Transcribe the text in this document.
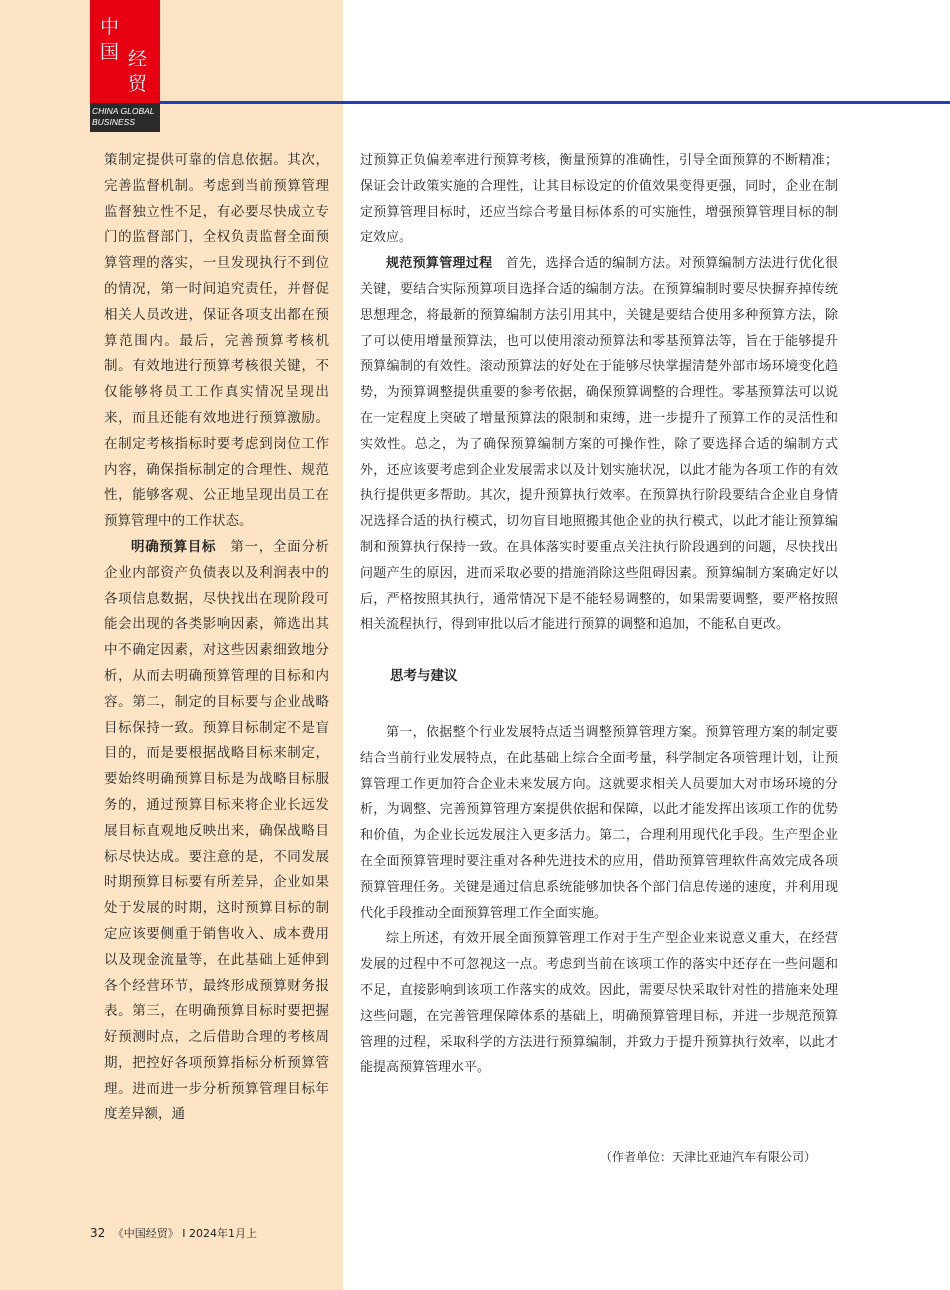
中
国 经
贸
CHINA GLOBAL
BUSINESS

策制定提供可靠的信息依据。其次，完善监督机制。考虑到当前预算管理监督独立性不足，有必要尽快成立专门的监督部门，全权负责监督全面预算管理的落实，一旦发现执行不到位的情况，第一时间追究责任，并督促相关人员改进，保证各项支出都在预算范围内。最后，完善预算考核机制。有效地进行预算考核很关键，不仅能够将员工工作真实情况呈现出来，而且还能有效地进行预算激励。在制定考核指标时要考虑到岗位工作内容，确保指标制定的合理性、规范性，能够客观、公正地呈现出员工在预算管理中的工作状态。

明确预算目标　 第一，全面分析企业内部资产负债表以及利润表中的各项信息数据，尽快找出在现阶段可能会出现的各类影响因素，筛选出其中不确定因素，对这些因素细致地分析，从而去明确预算管理的目标和内容。第二，制定的目标要与企业战略目标保持一致。预算目标制定不是盲目的，而是要根据战略目标来制定，要始终明确预算目标是为战略目标服务的，通过预算目标来将企业长远发展目标直观地反映出来，确保战略目标尽快达成。要注意的是，不同发展时期预算目标要有所差异，企业如果处于发展的时期，这时预算目标的制定应该要侧重于销售收入、成本费用以及现金流量等，在此基础上延伸到各个经营环节，最终形成预算财务报表。第三，在明确预算目标时要把握好预测时点，之后借助合理的考核周期，把控好各项预算指标分析预算管理。进而进一步分析预算管理目标年度差异额，通

过预算正负偏差率进行预算考核，衡量预算的准确性，引导全面预算的不断精准；保证会计政策实施的合理性，让其目标设定的价值效果变得更强，同时，企业在制定预算管理目标时，还应当综合考量目标体系的可实施性，增强预算管理目标的制定效应。

规范预算管理过程　 首先，选择合适的编制方法。对预算编制方法进行优化很关键，要结合实际预算项目选择合适的编制方法。在预算编制时要尽快摒弃掉传统思想理念，将最新的预算编制方法引用其中，关键是要结合使用多种预算方法，除了可以使用增量预算法，也可以使用滚动预算法和零基预算法等，旨在于能够提升预算编制的有效性。滚动预算法的好处在于能够尽快掌握清楚外部市场环境变化趋势，为预算调整提供重要的参考依据，确保预算调整的合理性。零基预算法可以说在一定程度上突破了增量预算法的限制和束缚，进一步提升了预算工作的灵活性和实效性。总之，为了确保预算编制方案的可操作性，除了要选择合适的编制方式外，还应该要考虑到企业发展需求以及计划实施状况，以此才能为各项工作的有效执行提供更多帮助。其次，提升预算执行效率。在预算执行阶段要结合企业自身情况选择合适的执行模式，切勿盲目地照搬其他企业的执行模式，以此才能让预算编制和预算执行保持一致。在具体落实时要重点关注执行阶段遇到的问题，尽快找出问题产生的原因，进而采取必要的措施消除这些阻碍因素。预算编制方案确定好以后，严格按照其执行，通常情况下是不能轻易调整的，如果需要调整，要严格按照相关流程执行，得到审批以后才能进行预算的调整和追加，不能私自更改。

思考与建议

第一，依据整个行业发展特点适当调整预算管理方案。预算管理方案的制定要结合当前行业发展特点，在此基础上综合全面考量，科学制定各项管理计划，让预算管理工作更加符合企业未来发展方向。这就要求相关人员要加大对市场环境的分析，为调整、完善预算管理方案提供依据和保障，以此才能发挥出该项工作的优势和价值，为企业长远发展注入更多活力。第二，合理利用现代化手段。生产型企业在全面预算管理时要注重对各种先进技术的应用，借助预算管理软件高效完成各项预算管理任务。关键是通过信息系统能够加快各个部门信息传递的速度，并利用现代化手段推动全面预算管理工作全面实施。

综上所述，有效开展全面预算管理工作对于生产型企业来说意义重大，在经营发展的过程中不可忽视这一点。考虑到当前在该项工作的落实中还存在一些问题和不足，直接影响到该项工作落实的成效。因此，需要尽快采取针对性的措施来处理这些问题，在完善管理保障体系的基础上，明确预算管理目标，并进一步规范预算管理的过程，采取科学的方法进行预算编制，并致力于提升预算执行效率，以此才能提高预算管理水平。

（作者单位：天津比亚迪汽车有限公司）
32 《中国经贸》 I 2024年1月上
